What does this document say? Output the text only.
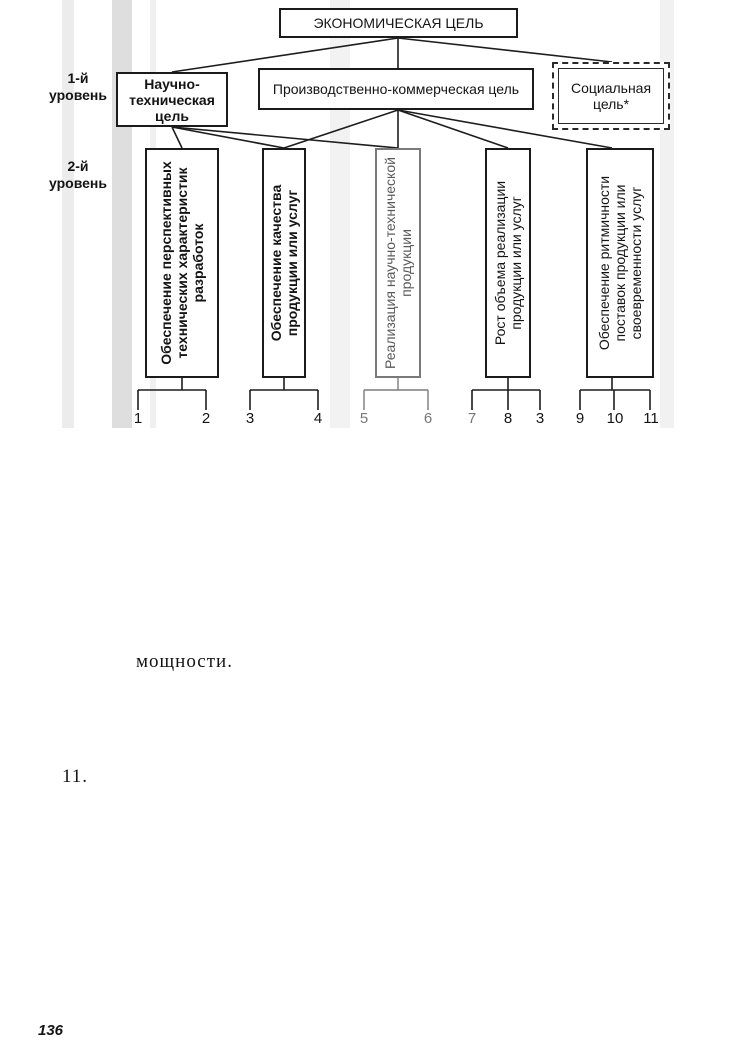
ЭКОНОМИЧЕСКАЯ ЦЕЛЬ
1-й уровень
2-й уровень
Научно-техническая цель
Производственно-коммерческая цель	Социальная цель*
Обеспечение перспективных технических характеристик разработок	Обеспечение качества продукции или услуг	Реализация научно-технической продукции	Рост объема реализации продукции или услуг	Обеспечение ритмичности поставок продукции или своевременности услуг
1	2	3	4	5	6	7	8	3	9	10 11
мощности.
11.
136
